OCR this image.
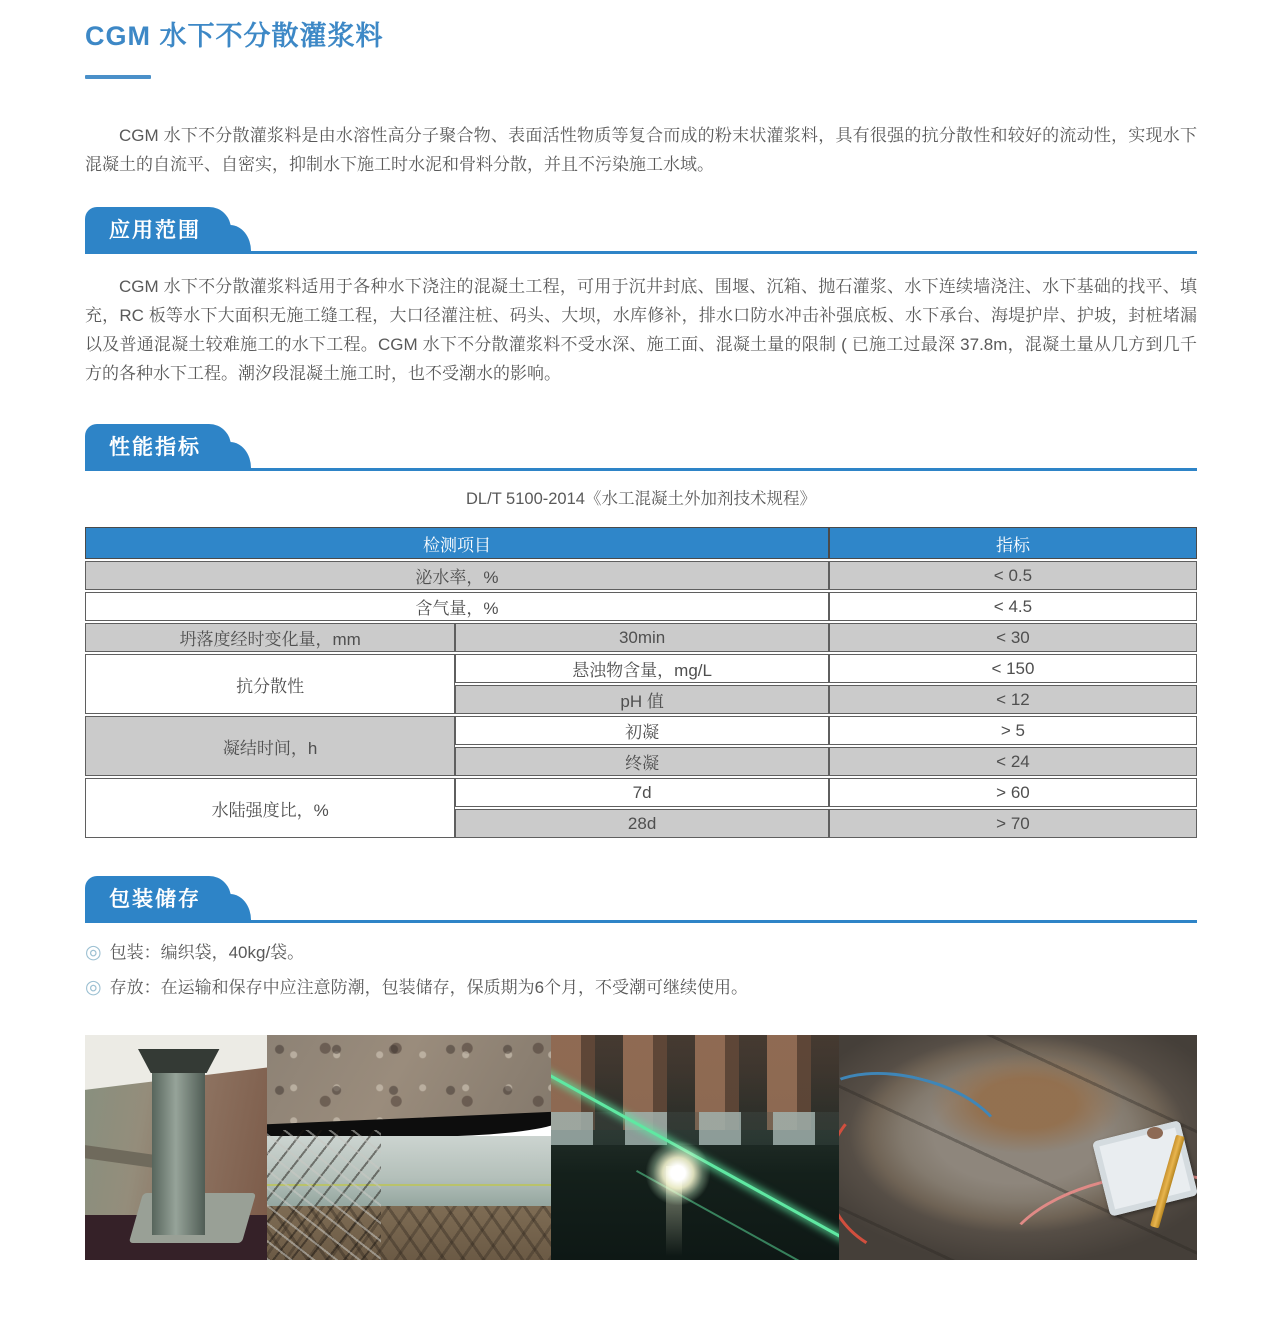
CGM 水下不分散灌浆料

CGM 水下不分散灌浆料是由水溶性高分子聚合物、表面活性物质等复合而成的粉末状灌浆料，具有很强的抗分散性和较好的流动性，实现水下混凝土的自流平、自密实，抑制水下施工时水泥和骨料分散，并且不污染施工水域。

应用范围

CGM 水下不分散灌浆料适用于各种水下浇注的混凝土工程，可用于沉井封底、围堰、沉箱、抛石灌浆、水下连续墙浇注、水下基础的找平、填充，RC 板等水下大面积无施工缝工程，大口径灌注桩、码头、大坝，水库修补，排水口防水冲击补强底板、水下承台、海堤护岸、护坡，封桩堵漏以及普通混凝土较难施工的水下工程。CGM 水下不分散灌浆料不受水深、施工面、混凝土量的限制 ( 已施工过最深 37.8m，混凝土量从几方到几千方的各种水下工程。潮汐段混凝土施工时，也不受潮水的影响。

性能指标

DL/T 5100-2014《水工混凝土外加剂技术规程》

检测项目		指标
泌水率，%		< 0.5
含气量，%		< 4.5
坍落度经时变化量，mm	30min	< 30
抗分散性	悬浊物含量，mg/L	< 150
	pH 值	< 12
凝结时间，h	初凝	> 5
	终凝	< 24
水陆强度比，%	7d	> 60
	28d	> 70
包装储存
◎ 包装：编织袋，40kg/袋。
◎ 存放：在运输和保存中应注意防潮，包装储存，保质期为6个月，不受潮可继续使用。
